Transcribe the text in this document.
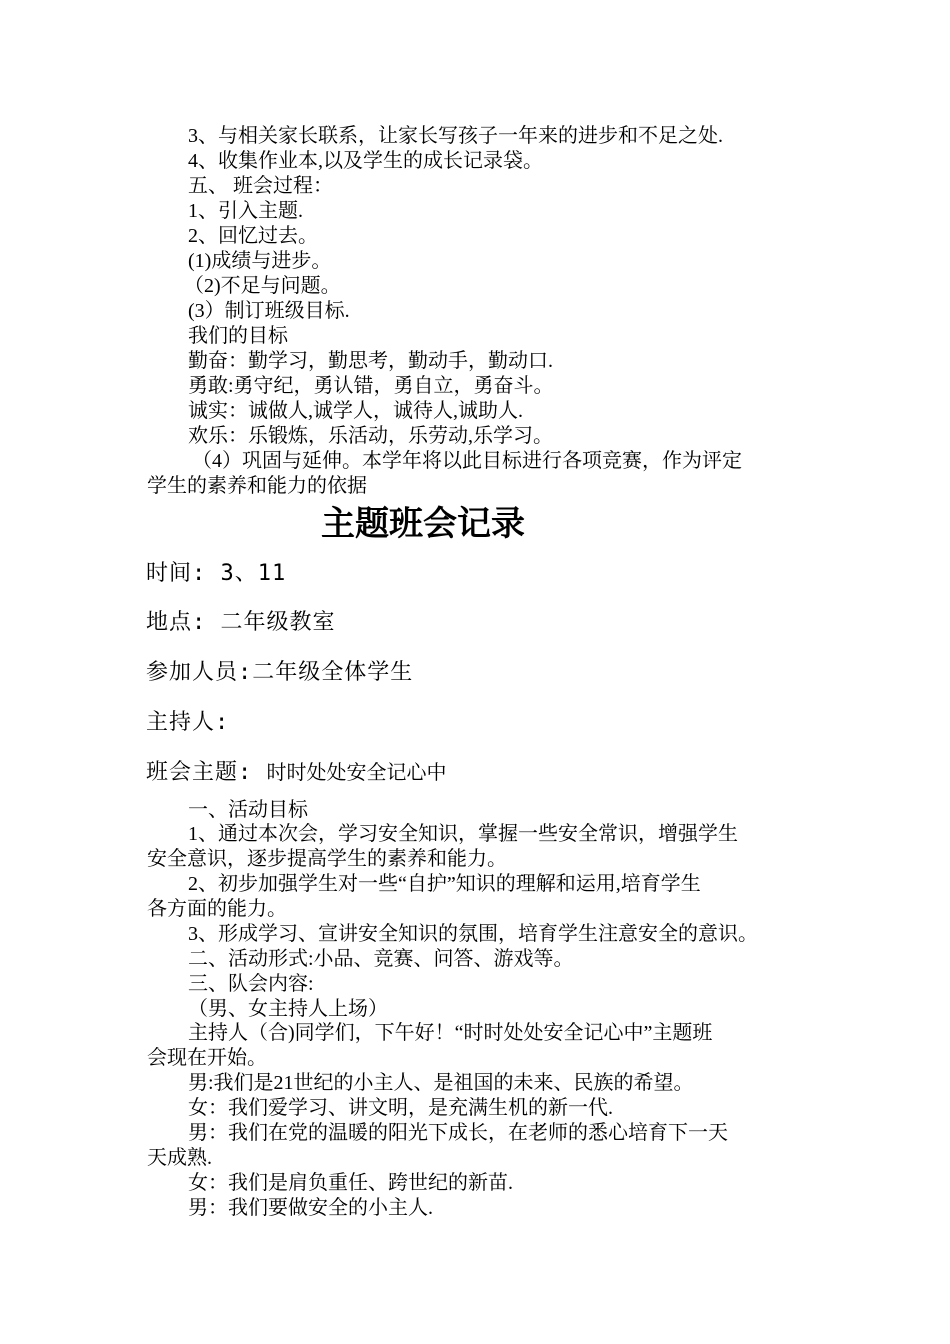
3、与相关家长联系，让家长写孩子一年来的进步和不足之处.
4、收集作业本,以及学生的成长记录袋。
五、 班会过程：
1、引入主题.
2、回忆过去。
(1)成绩与进步。
（2)不足与问题。
(3）制订班级目标.
我们的目标
勤奋：勤学习，勤思考，勤动手，勤动口.
勇敢:勇守纪，勇认错，勇自立，勇奋斗。
诚实：诚做人,诚学人，诚待人,诚助人.
欢乐：乐锻炼，乐活动，乐劳动,乐学习。
（4）巩固与延伸。本学年将以此目标进行各项竞赛，作为评定
学生的素养和能力的依据
主题班会记录
时间: 3、11
地点: 二年级教室
参加人员:二年级全体学生
主持人:
班会主题: 时时处处安全记心中
一、活动目标
1、通过本次会，学习安全知识，掌握一些安全常识，增强学生
安全意识，逐步提高学生的素养和能力。
2、初步加强学生对一些“自护”知识的理解和运用,培育学生
各方面的能力。
3、形成学习、宣讲安全知识的氛围，培育学生注意安全的意识。
二、活动形式:小品、竞赛、问答、游戏等。
三、队会内容:
（男、女主持人上场）
主持人（合)同学们，下午好！“时时处处安全记心中”主题班
会现在开始。
男:我们是21世纪的小主人、是祖国的未来、民族的希望。
女：我们爱学习、讲文明，是充满生机的新一代.
男：我们在党的温暖的阳光下成长，在老师的悉心培育下一天
天成熟.
女：我们是肩负重任、跨世纪的新苗.
男：我们要做安全的小主人.
